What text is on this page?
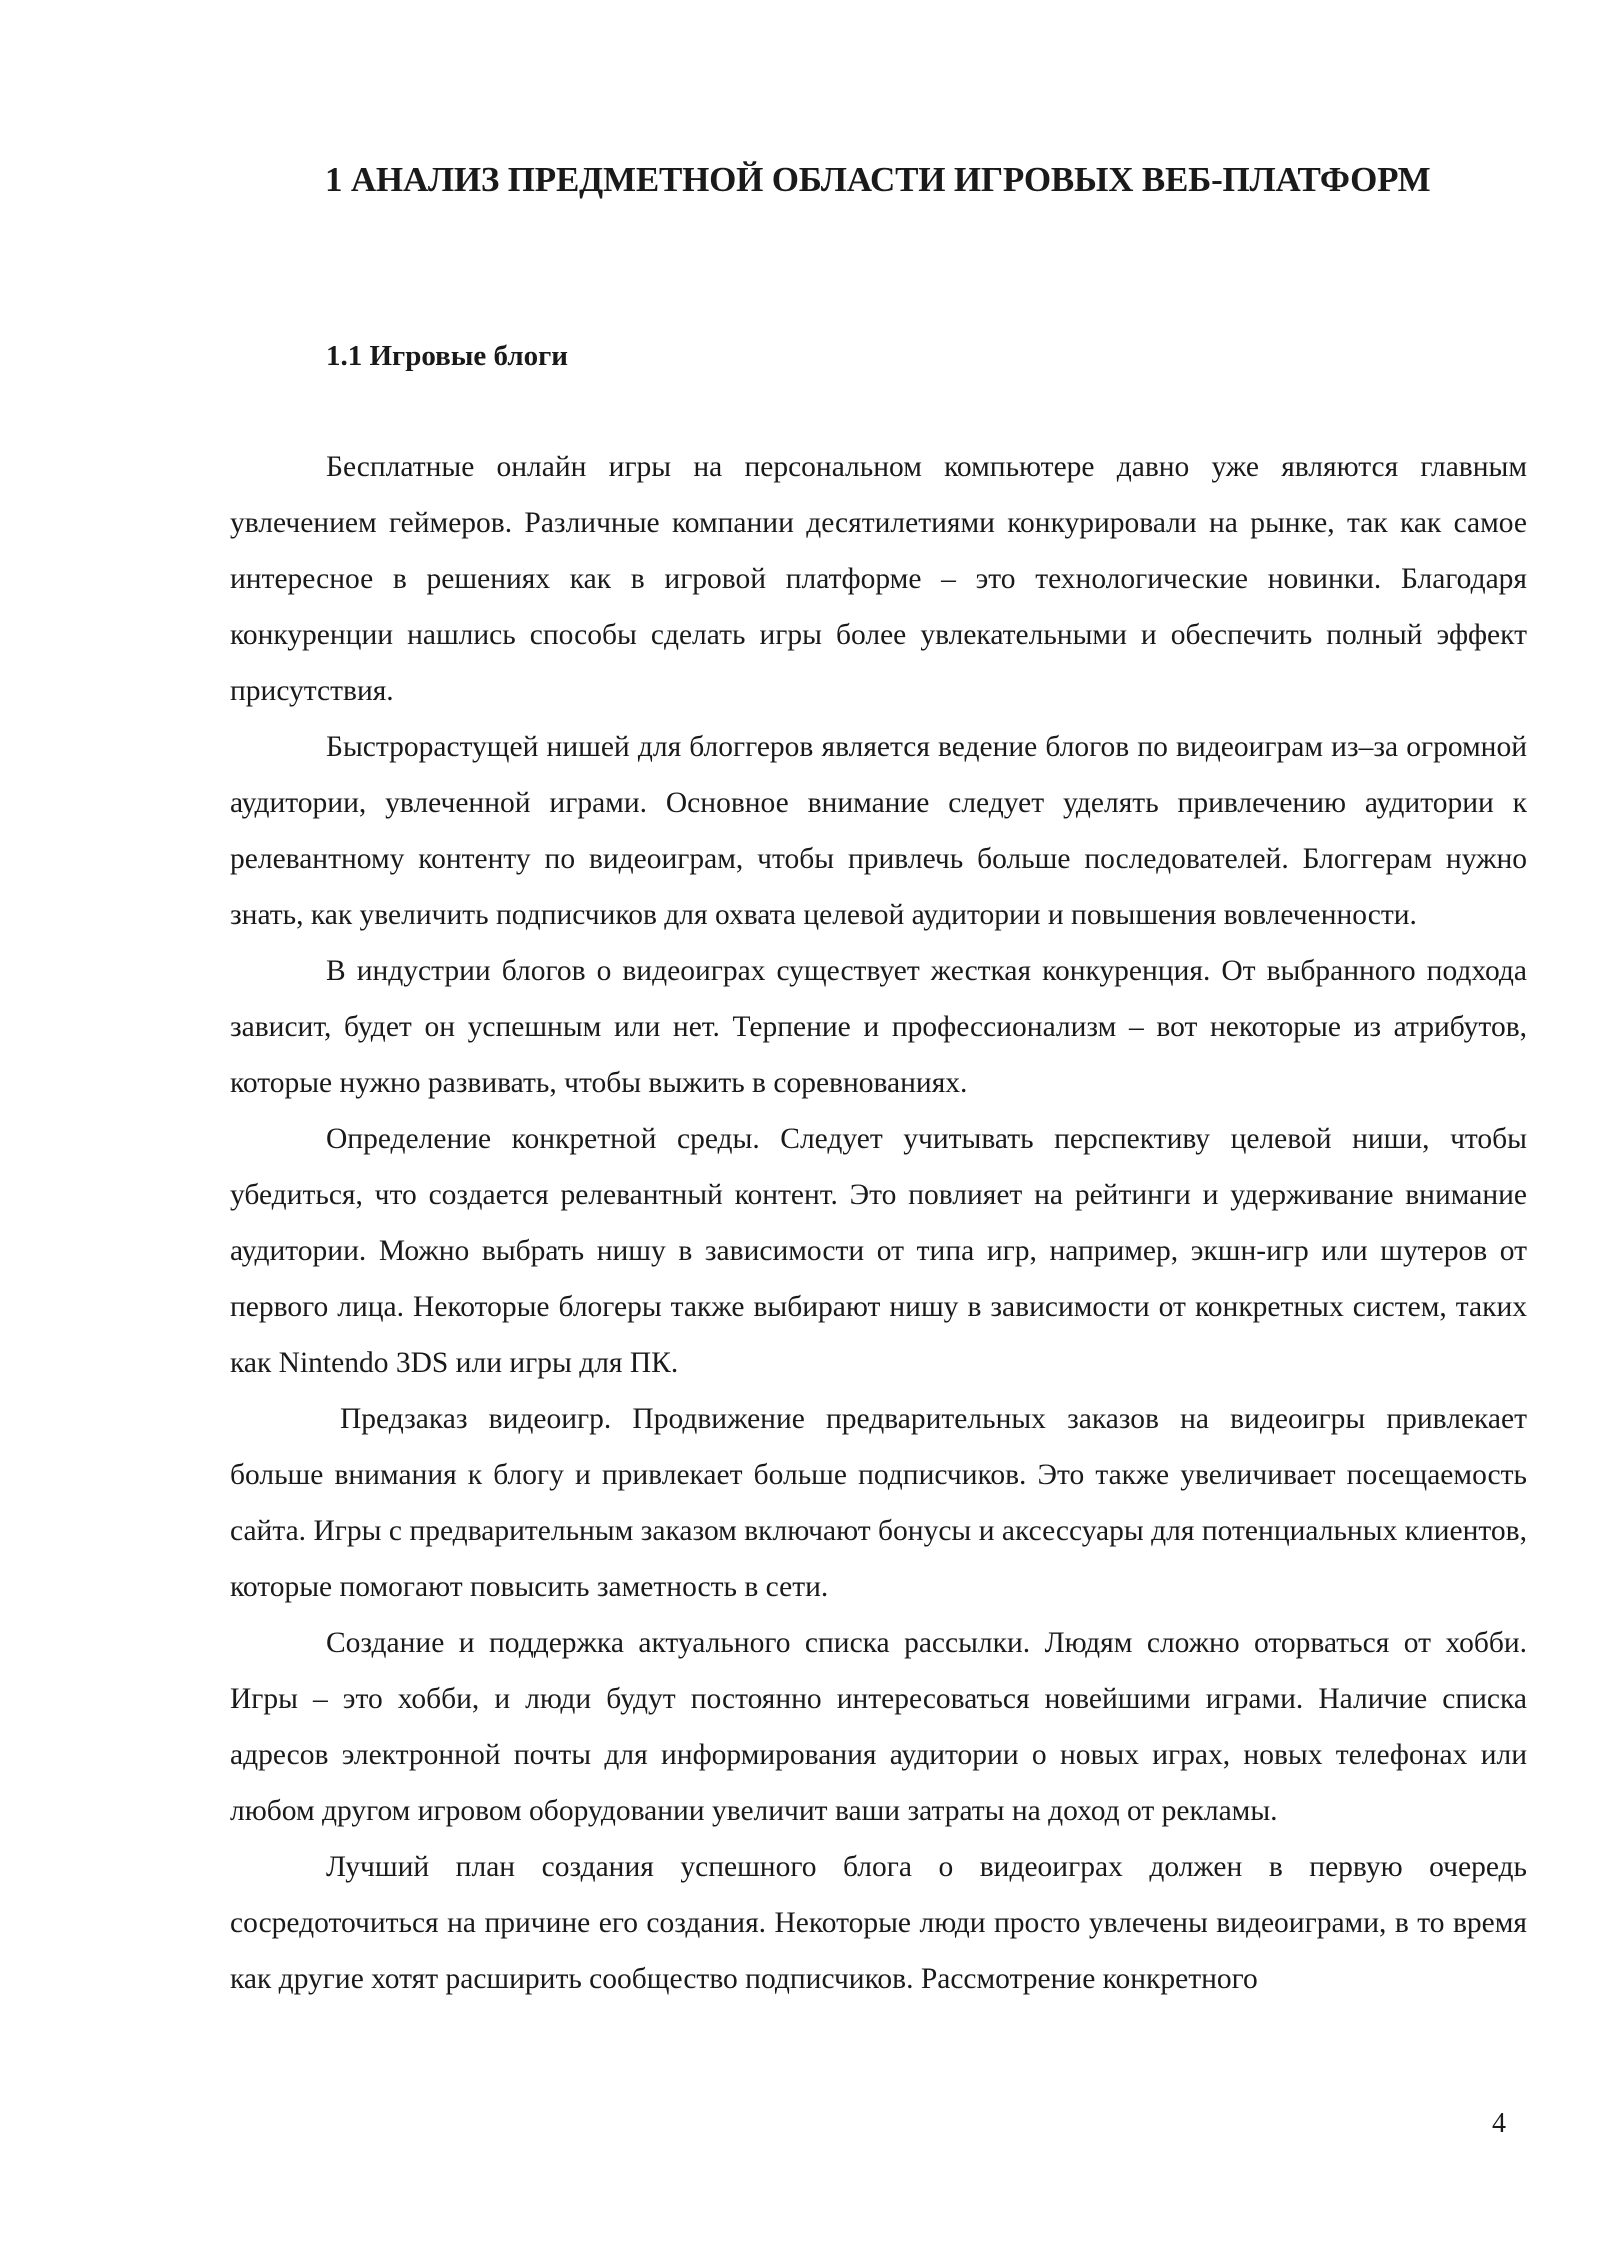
1 АНАЛИЗ ПРЕДМЕТНОЙ ОБЛАСТИ ИГРОВЫХ ВЕБ-ПЛАТФОРМ
1.1 Игровые блоги

Бесплатные онлайн игры на персональном компьютере давно уже являются главным увлечением геймеров. Различные компании десятилетиями конкурировали на рынке, так как самое интересное в решениях как в игровой платформе – это технологические новинки. Благодаря конкуренции нашлись способы сделать игры более увлекательными и обеспечить полный эффект присутствия.

Быстрорастущей нишей для блоггеров является ведение блогов по видеоиграм из–за огромной аудитории, увлеченной играми. Основное внимание следует уделять привлечению аудитории к релевантному контенту по видеоиграм, чтобы привлечь больше последователей. Блоггерам нужно знать, как увеличить подписчиков для охвата целевой аудитории и повышения вовлеченности.

В индустрии блогов о видеоиграх существует жесткая конкуренция. От выбранного подхода зависит, будет он успешным или нет. Терпение и профессионализм – вот некоторые из атрибутов, которые нужно развивать, чтобы выжить в соревнованиях.

Определение конкретной среды. Следует учитывать перспективу целевой ниши, чтобы убедиться, что создается релевантный контент. Это повлияет на рейтинги и удерживание внимание аудитории. Можно выбрать нишу в зависимости от типа игр, например, экшн-игр или шутеров от первого лица. Некоторые блогеры также выбирают нишу в зависимости от конкретных систем, таких как Nintendo 3DS или игры для ПК.

Предзаказ видеоигр. Продвижение предварительных заказов на видеоигры привлекает больше внимания к блогу и привлекает больше подписчиков. Это также увеличивает посещаемость сайта. Игры с предварительным заказом включают бонусы и аксессуары для потенциальных клиентов, которые помогают повысить заметность в сети.

Создание и поддержка актуального списка рассылки. Людям сложно оторваться от хобби. Игры – это хобби, и люди будут постоянно интересоваться новейшими играми. Наличие списка адресов электронной почты для информирования аудитории о новых играх, новых телефонах или любом другом игровом оборудовании увеличит ваши затраты на доход от рекламы.

Лучший план создания успешного блога о видеоиграх должен в первую очередь сосредоточиться на причине его создания. Некоторые люди просто увлечены видеоиграми, в то время как другие хотят расширить сообщество подписчиков. Рассмотрение конкретного

4
